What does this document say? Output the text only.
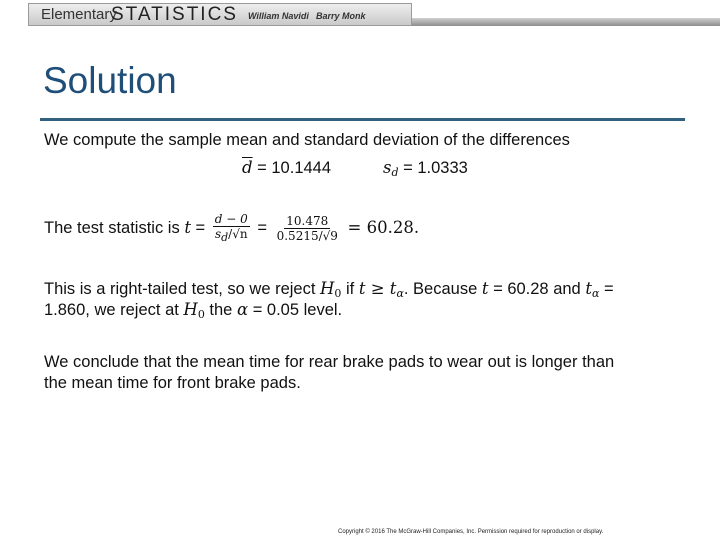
Elementary
STATISTICS William Navidi Barry Monk
Solution
We compute the sample mean and standard deviation of the differences
$\overline{d} = 10.1444$	$s_d = 1.0333$
The test statistic is $t = \frac{d - 0}{sd/√n} = \frac{10.478}{0.5215/√9} = 60.28$.
This is a right-tailed test, so we reject $H_0$ if $t \ge t_\alpha$. Because t = 60.28 and $t_\alpha$ =
1.860, we reject at $H_0$ the α = 0.05 level.
We conclude that the mean time for rear brake pads to wear out is longer than
the mean time for front brake pads.
Copyright © 2016 The McGraw-Hill Companies, Inc. Permission required for reproduction or display.
